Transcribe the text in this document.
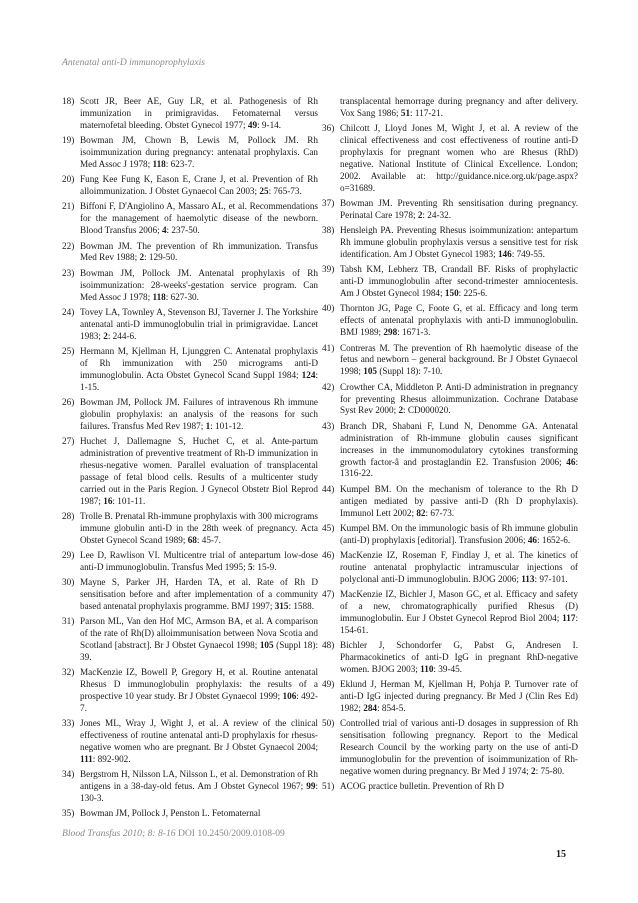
Antenatal anti-D immunoprophylaxis
18) Scott JR, Beer AE, Guy LR, et al. Pathogenesis of Rh immunization in primigravidas. Fetomaternal versus maternofetal bleeding. Obstet Gynecol 1977; 49: 9-14.
19) Bowman JM, Chown B, Lewis M, Pollock JM. Rh isoimmunization during pregnancy: antenatal prophylaxis. Can Med Assoc J 1978; 118: 623-7.
20) Fung Kee Fung K, Eason E, Crane J, et al. Prevention of Rh alloimmunization. J Obstet Gynaecol Can 2003; 25: 765-73.
21) Biffoni F, D'Angiolino A, Massaro AL, et al. Recommendations for the management of haemolytic disease of the newborn. Blood Transfus 2006; 4: 237-50.
22) Bowman JM. The prevention of Rh immunization. Transfus Med Rev 1988; 2: 129-50.
23) Bowman JM, Pollock JM. Antenatal prophylaxis of Rh isoimmunization: 28-weeks'-gestation service program. Can Med Assoc J 1978; 118: 627-30.
24) Tovey LA, Townley A, Stevenson BJ, Taverner J. The Yorkshire antenatal anti-D immunoglobulin trial in primigravidae. Lancet 1983; 2: 244-6.
25) Hermann M, Kjellman H, Ljunggren C. Antenatal prophylaxis of Rh immunization with 250 micrograms anti-D immunoglobulin. Acta Obstet Gynecol Scand Suppl 1984; 124: 1-15.
26) Bowman JM, Pollock JM. Failures of intravenous Rh immune globulin prophylaxis: an analysis of the reasons for such failures. Transfus Med Rev 1987; 1: 101-12.
27) Huchet J, Dallemagne S, Huchet C, et al. Ante-partum administration of preventive treatment of Rh-D immunization in rhesus-negative women. Parallel evaluation of transplacental passage of fetal blood cells. Results of a multicenter study carried out in the Paris Region. J Gynecol Obstetr Biol Reprod 1987; 16: 101-11.
28) Trolle B. Prenatal Rh-immune prophylaxis with 300 micrograms immune globulin anti-D in the 28th week of pregnancy. Acta Obstet Gynecol Scand 1989; 68: 45-7.
29) Lee D, Rawlison VI. Multicentre trial of antepartum low-dose anti-D immunoglobulin. Transfus Med 1995; 5: 15-9.
30) Mayne S, Parker JH, Harden TA, et al. Rate of Rh D sensitisation before and after implementation of a community based antenatal prophylaxis programme. BMJ 1997; 315: 1588.
31) Parson ML, Van den Hof MC, Armson BA, et al. A comparison of the rate of Rh(D) alloimmunisation between Nova Scotia and Scotland [abstract]. Br J Obstet Gynaecol 1998; 105 (Suppl 18): 39.
32) MacKenzie IZ, Bowell P, Gregory H, et al. Routine antenatal Rhesus D immunoglobulin prophylaxis: the results of a prospective 10 year study. Br J Obstet Gynaecol 1999; 106: 492-7.
33) Jones ML, Wray J, Wight J, et al. A review of the clinical effectiveness of routine antenatal anti-D prophylaxis for rhesus-negative women who are pregnant. Br J Obstet Gynaecol 2004; 111: 892-902.
34) Bergstrom H, Nilsson LA, Nilsson L, et al. Demonstration of Rh antigens in a 38-day-old fetus. Am J Obstet Gynecol 1967; 99: 130-3.
35) Bowman JM, Pollock J, Penston L. Fetomaternal
transplacental hemorrage during pregnancy and after delivery. Vox Sang 1986; 51: 117-21.
36) Chilcott J, Lloyd Jones M, Wight J, et al. A review of the clinical effectiveness and cost effectiveness of routine anti-D prophylaxis for pregnant women who are Rhesus (RhD) negative. National Institute of Clinical Excellence. London; 2002. Available at: http://guidance.nice.org.uk/page.aspx?o=31689.
37) Bowman JM. Preventing Rh sensitisation during pregnancy. Perinatal Care 1978; 2: 24-32.
38) Hensleigh PA. Preventing Rhesus isoimmunization: antepartum Rh immune globulin prophylaxis versus a sensitive test for risk identification. Am J Obstet Gynecol 1983; 146: 749-55.
39) Tabsh KM, Lebherz TB, Crandall BF. Risks of prophylactic anti-D immunoglobulin after second-trimester amniocentesis. Am J Obstet Gynecol 1984; 150: 225-6.
40) Thornton JG, Page C, Foote G, et al. Efficacy and long term effects of antenatal prophylaxis with anti-D immunoglobulin. BMJ 1989; 298: 1671-3.
41) Contreras M. The prevention of Rh haemolytic disease of the fetus and newborn – general background. Br J Obstet Gynaecol 1998; 105 (Suppl 18): 7-10.
42) Crowther CA, Middleton P. Anti-D administration in pregnancy for preventing Rhesus alloimmunization. Cochrane Database Syst Rev 2000; 2: CD000020.
43) Branch DR, Shabani F, Lund N, Denomme GA. Antenatal administration of Rh-immune globulin causes significant increases in the immunomodulatory cytokines transforming growth factor-â and prostaglandin E2. Transfusion 2006; 46: 1316-22.
44) Kumpel BM. On the mechanism of tolerance to the Rh D antigen mediated by passive anti-D (Rh D prophylaxis). Immunol Lett 2002; 82: 67-73.
45) Kumpel BM. On the immunologic basis of Rh immune globulin (anti-D) prophylaxis [editorial]. Transfusion 2006; 46: 1652-6.
46) MacKenzie IZ, Roseman F, Findlay J, et al. The kinetics of routine antenatal prophylactic intramuscular injections of polyclonal anti-D immunoglobulin. BJOG 2006; 113: 97-101.
47) MacKenzie IZ, Bichler J, Mason GC, et al. Efficacy and safety of a new, chromatographically purified Rhesus (D) immunoglobulin. Eur J Obstet Gynecol Reprod Biol 2004; 117: 154-61.
48) Bichler J, Schondorfer G, Pabst G, Andresen I. Pharmacokinetics of anti-D IgG in pregnant RhD-negative women. BJOG 2003; 110: 39-45.
49) Eklund J, Herman M, Kjellman H, Pohja P. Turnover rate of anti-D IgG injected during pregnancy. Br Med J (Clin Res Ed) 1982; 284: 854-5.
50) Controlled trial of various anti-D dosages in suppression of Rh sensitisation following pregnancy. Report to the Medical Research Council by the working party on the use of anti-D immunoglobulin for the prevention of isoimmunization of Rh-negative women during pregnancy. Br Med J 1974; 2: 75-80.
51) ACOG practice bulletin. Prevention of Rh D
Blood Transfus 2010; 8: 8-16 DOI 10.2450/2009.0108-09
15
